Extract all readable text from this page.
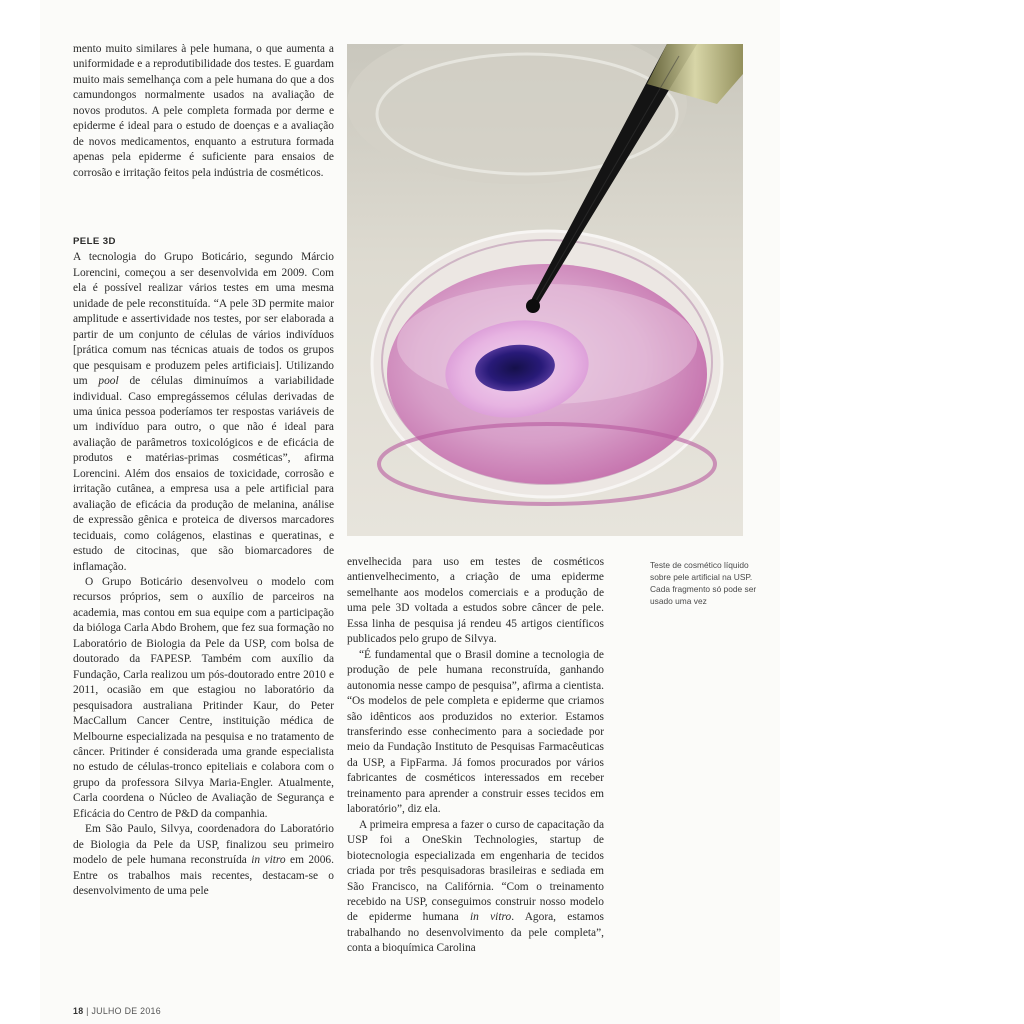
mento muito similares à pele humana, o que aumenta a uniformidade e a reprodutibilidade dos testes. E guardam muito mais semelhança com a pele humana do que a dos camundongos normalmente usados na avaliação de novos produtos. A pele completa formada por derme e epiderme é ideal para o estudo de doenças e a avaliação de novos medicamentos, enquanto a estrutura formada apenas pela epiderme é suficiente para ensaios de corrosão e irritação feitos pela indústria de cosméticos.

PELE 3D

A tecnologia do Grupo Boticário, segundo Márcio Lorencini, começou a ser desenvolvida em 2009. Com ela é possível realizar vários testes em uma mesma unidade de pele reconstituída. “A pele 3D permite maior amplitude e assertividade nos testes, por ser elaborada a partir de um conjunto de células de vários indivíduos [prática comum nas técnicas atuais de todos os grupos que pesquisam e produzem peles artificiais]. Utilizando um pool de células diminuímos a variabilidade individual. Caso empregássemos células derivadas de uma única pessoa poderíamos ter respostas variáveis de um indivíduo para outro, o que não é ideal para avaliação de parâmetros toxicológicos e de eficácia de produtos e matérias-primas cosméticas”, afirma Lorencini. Além dos ensaios de toxicidade, corrosão e irritação cutânea, a empresa usa a pele artificial para avaliação de eficácia da produção de melanina, análise de expressão gênica e proteica de diversos marcadores teciduais, como colágenos, elastinas e queratinas, e estudo de citocinas, que são biomarcadores de inflamação.

O Grupo Boticário desenvolveu o modelo com recursos próprios, sem o auxílio de parceiros na academia, mas contou em sua equipe com a participação da bióloga Carla Abdo Brohem, que fez sua formação no Laboratório de Biologia da Pele da USP, com bolsa de doutorado da FAPESP. Também com auxílio da Fundação, Carla realizou um pós-doutorado entre 2010 e 2011, ocasião em que estagiou no laboratório da pesquisadora australiana Pritinder Kaur, do Peter MacCallum Cancer Centre, instituição médica de Melbourne especializada na pesquisa e no tratamento de câncer. Pritinder é considerada uma grande especialista no estudo de células-tronco epiteliais e colabora com o grupo da professora Silvya Maria-Engler. Atualmente, Carla coordena o Núcleo de Avaliação de Segurança e Eficácia do Centro de P&D da companhia.

Em São Paulo, Silvya, coordenadora do Laboratório de Biologia da Pele da USP, finalizou seu primeiro modelo de pele humana reconstruída in vitro em 2006. Entre os trabalhos mais recentes, destacam-se o desenvolvimento de uma pele

Teste de cosmético líquido sobre pele artificial na USP. Cada fragmento só pode ser usado uma vez

envelhecida para uso em testes de cosméticos antienvelhecimento, a criação de uma epiderme semelhante aos modelos comerciais e a produção de uma pele 3D voltada a estudos sobre câncer de pele. Essa linha de pesquisa já rendeu 45 artigos científicos publicados pelo grupo de Silvya.

“É fundamental que o Brasil domine a tecnologia de produção de pele humana reconstruída, ganhando autonomia nesse campo de pesquisa”, afirma a cientista. “Os modelos de pele completa e epiderme que criamos são idênticos aos produzidos no exterior. Estamos transferindo esse conhecimento para a sociedade por meio da Fundação Instituto de Pesquisas Farmacêuticas da USP, a FipFarma. Já fomos procurados por vários fabricantes de cosméticos interessados em receber treinamento para aprender a construir esses tecidos em laboratório”, diz ela.

A primeira empresa a fazer o curso de capacitação da USP foi a OneSkin Technologies, startup de biotecnologia especializada em engenharia de tecidos criada por três pesquisadoras brasileiras e sediada em São Francisco, na Califórnia. “Com o treinamento recebido na USP, conseguimos construir nosso modelo de epiderme humana in vitro. Agora, estamos trabalhando no desenvolvimento da pele completa”, conta a bioquímica Carolina

18 | JULHO DE 2016
